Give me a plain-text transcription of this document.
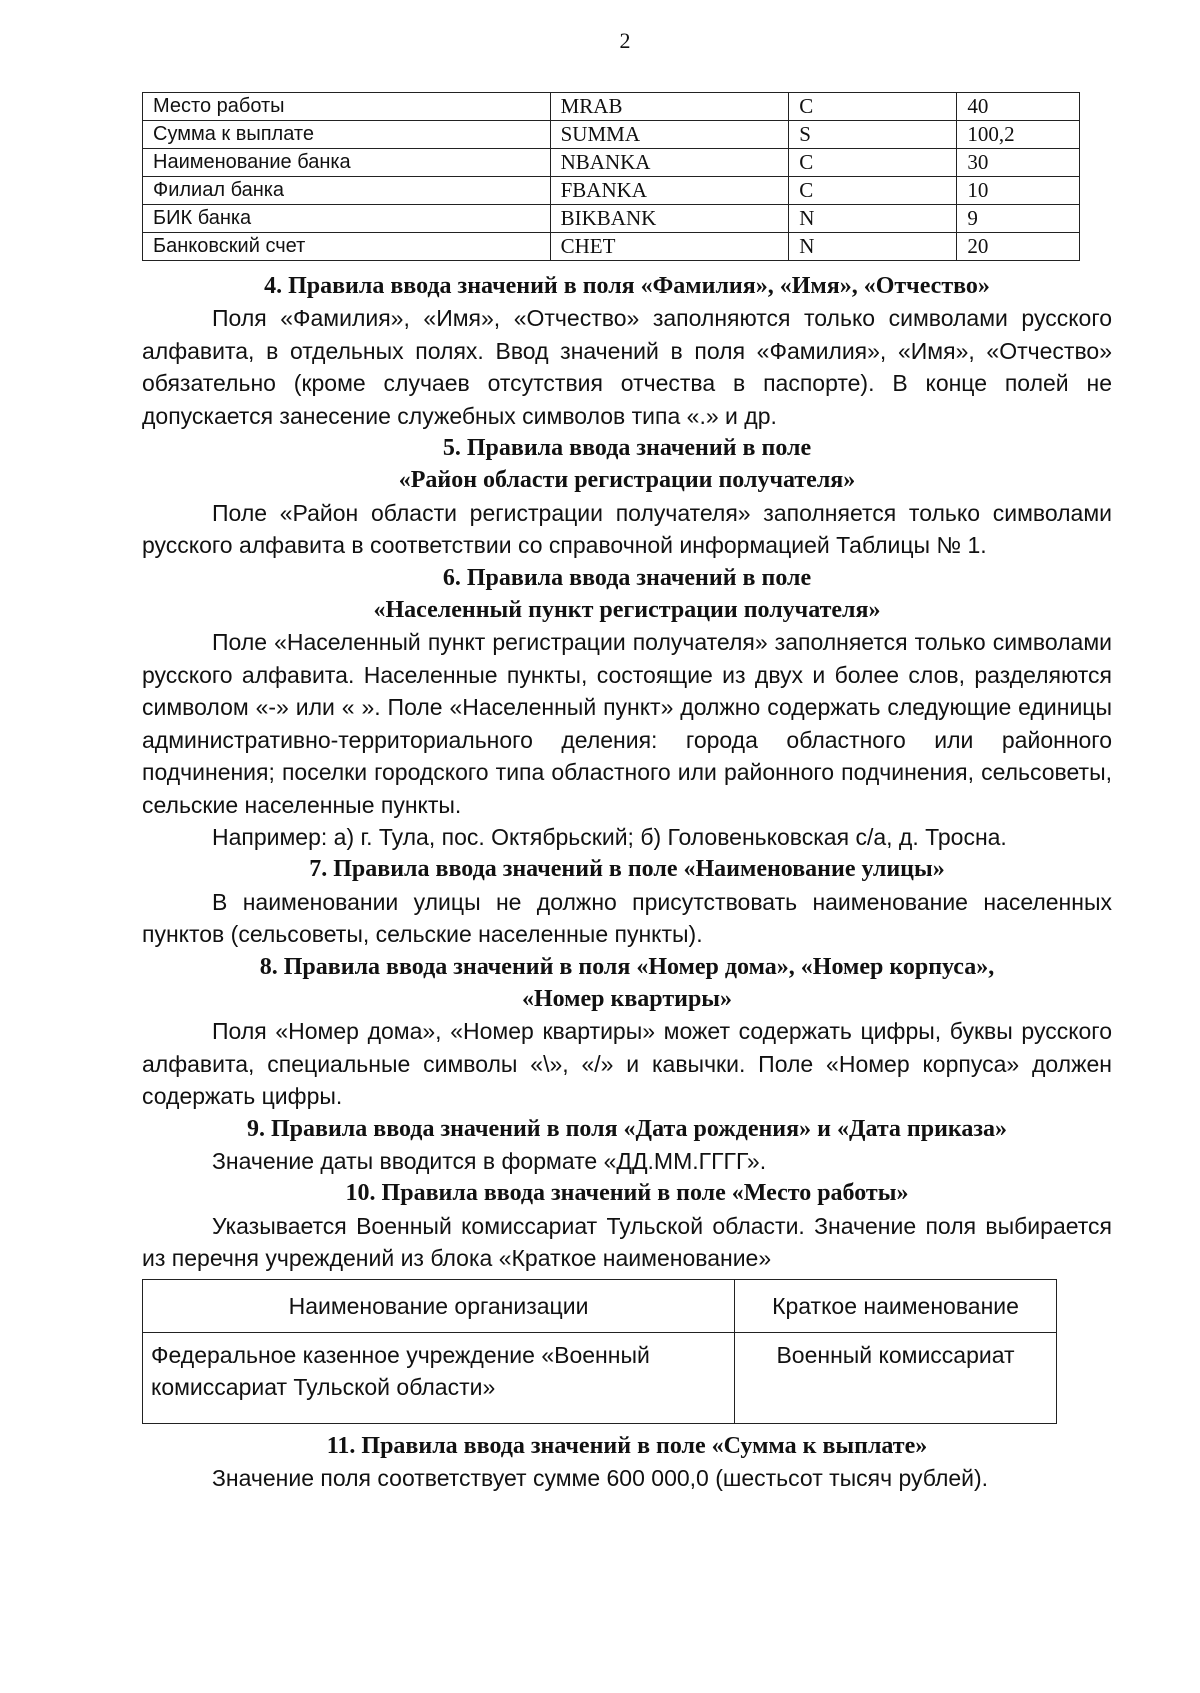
2
Место работы	MRAB	C	40
Сумма к выплате	SUMMA	S	100,2
Наименование банка	NBANKA	C	30
Филиал банка	FBANKA	C	10
БИК банка	BIKBANK	N	9
Банковский счет	CHET	N	20
4. Правила ввода значений в поля «Фамилия», «Имя», «Отчество»

Поля «Фамилия», «Имя», «Отчество» заполняются только символами русского алфавита, в отдельных полях. Ввод значений в поля «Фамилия», «Имя», «Отчество» обязательно (кроме случаев отсутствия отчества в паспорте). В конце полей не допускается занесение служебных символов типа «.» и др.

5. Правила ввода значений в поле
«Район области регистрации получателя»

Поле «Район области регистрации получателя» заполняется только символами русского алфавита в соответствии со справочной информацией Таблицы № 1.

6. Правила ввода значений в поле
«Населенный пункт регистрации получателя»

Поле «Населенный пункт регистрации получателя» заполняется только символами русского алфавита. Населенные пункты, состоящие из двух и более слов, разделяются символом «-» или « ». Поле «Населенный пункт» должно содержать следующие единицы административно-территориального деления: города областного или районного подчинения; поселки городского типа областного или районного подчинения, сельсоветы, сельские населенные пункты.

Например: а) г. Тула, пос. Октябрьский; б) Головеньковская с/а, д. Тросна.

7. Правила ввода значений в поле «Наименование улицы»

В наименовании улицы не должно присутствовать наименование населенных пунктов (сельсоветы, сельские населенные пункты).

8. Правила ввода значений в поля «Номер дома», «Номер корпуса»,
«Номер квартиры»

Поля «Номер дома», «Номер квартиры» может содержать цифры, буквы русского алфавита, специальные символы «\», «/» и кавычки. Поле «Номер корпуса» должен содержать цифры.

9. Правила ввода значений в поля «Дата рождения» и «Дата приказа»

Значение даты вводится в формате «ДД.ММ.ГГГГ».

10. Правила ввода значений в поле «Место работы»

Указывается Военный комиссариат Тульской области. Значение поля выбирается из перечня учреждений из блока «Краткое наименование»

Наименование организации	Краткое наименование
Федеральное казенное учреждение «Военный комиссариат Тульской области»	Военный комиссариат
11. Правила ввода значений в поле «Сумма к выплате»

Значение поля соответствует сумме 600 000,0 (шестьсот тысяч рублей).
